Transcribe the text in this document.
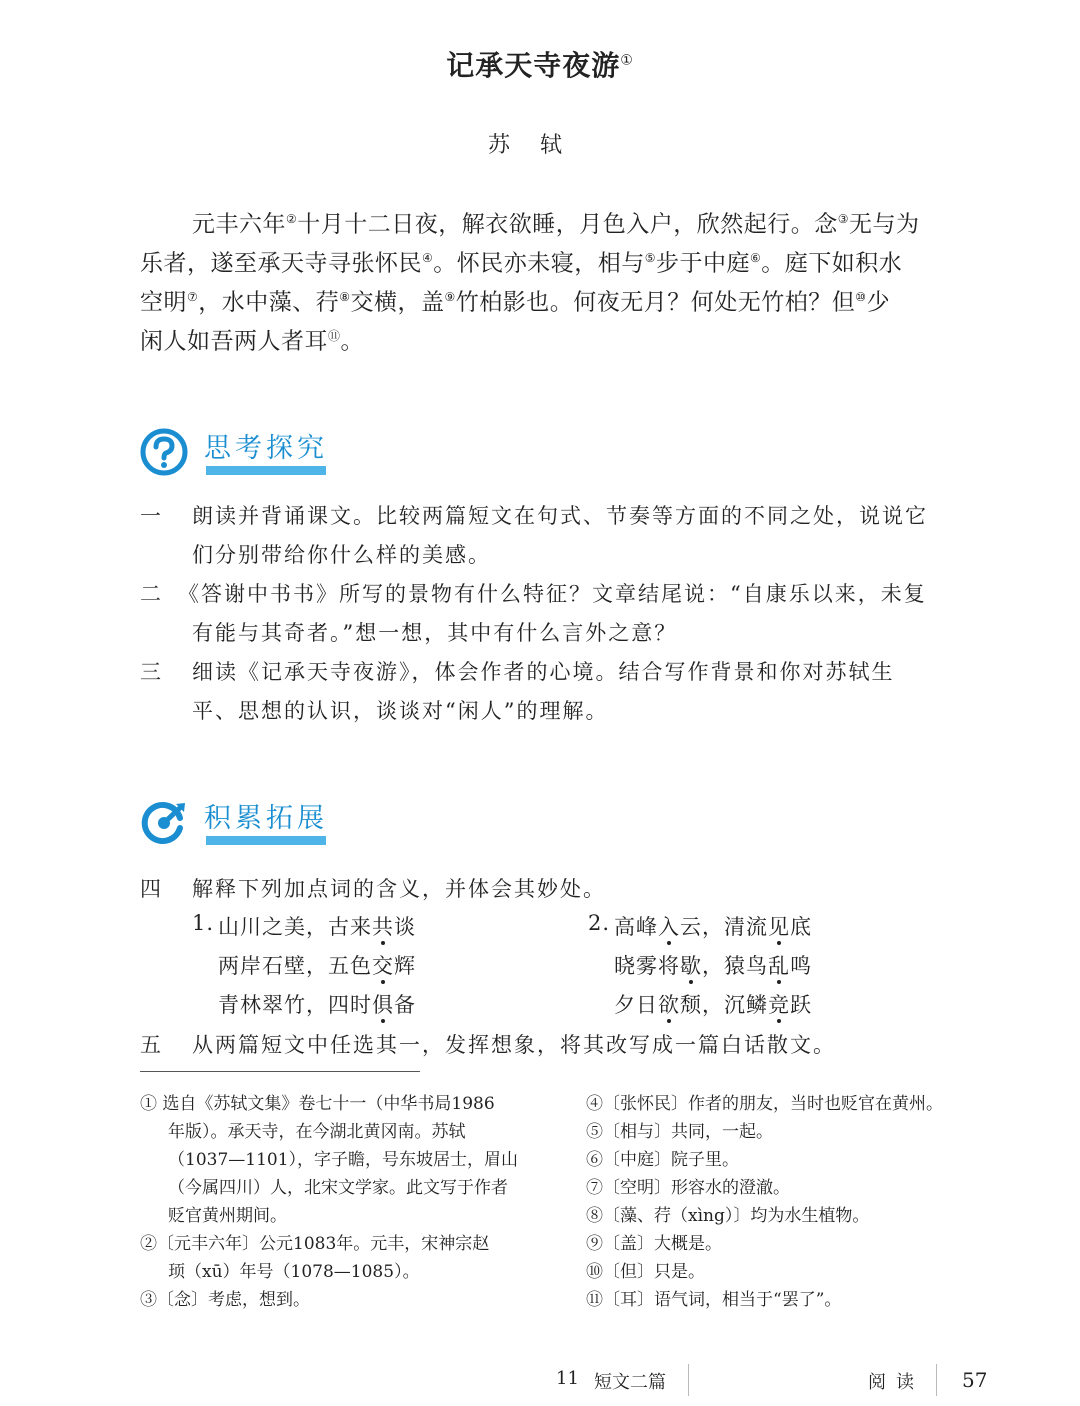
记承天寺夜游①
苏轼
元丰六年②十月十二日夜，解衣欲睡，月色入户，欣然起行。念③无与为
乐者，遂至承天寺寻张怀民④。怀民亦未寝，相与⑤步于中庭⑥。庭下如积水
空明⑦，水中藻、荇⑧交横，盖⑨竹柏影也。何夜无月？何处无竹柏？但⑩少
闲人如吾两人者耳⑪。
思考探究
一 朗读并背诵课文。比较两篇短文在句式、节奏等方面的不同之处，说说它
们分别带给你什么样的美感。
二 《答谢中书书》所写的景物有什么特征？文章结尾说：“自康乐以来，未复
有能与其奇者。”想一想，其中有什么言外之意？
三 细读《记承天寺夜游》，体会作者的心境。结合写作背景和你对苏轼生
平、思想的认识，谈谈对“闲人”的理解。
积累拓展
四 解释下列加点词的含义，并体会其妙处。
1. 山川之美，古来共谈
两岸石壁，五色交辉
青林翠竹，四时俱备
2. 高峰入云，清流见底
晓雾将歇，猿鸟乱鸣
夕日欲颓，沉鳞竞跃
五 从两篇短文中任选其一，发挥想象，将其改写成一篇白话散文。
① 选自《苏轼文集》卷七十一（中华书局1986
年版）。承天寺，在今湖北黄冈南。苏轼
（1037—1101），字子瞻，号东坡居士，眉山
（今属四川）人，北宋文学家。此文写于作者
贬官黄州期间。
②〔元丰六年〕公元1083年。元丰，宋神宗赵
顼（xū）年号（1078—1085）。
③〔念〕考虑，想到。
④〔张怀民〕作者的朋友，当时也贬官在黄州。
⑤〔相与〕共同，一起。
⑥〔中庭〕院子里。
⑦〔空明〕形容水的澄澈。
⑧〔藻、荇（xìng）〕均为水生植物。
⑨〔盖〕大概是。
⑩〔但〕只是。
⑪〔耳〕语气词，相当于“罢了”。
11 短文二篇	阅读 57
